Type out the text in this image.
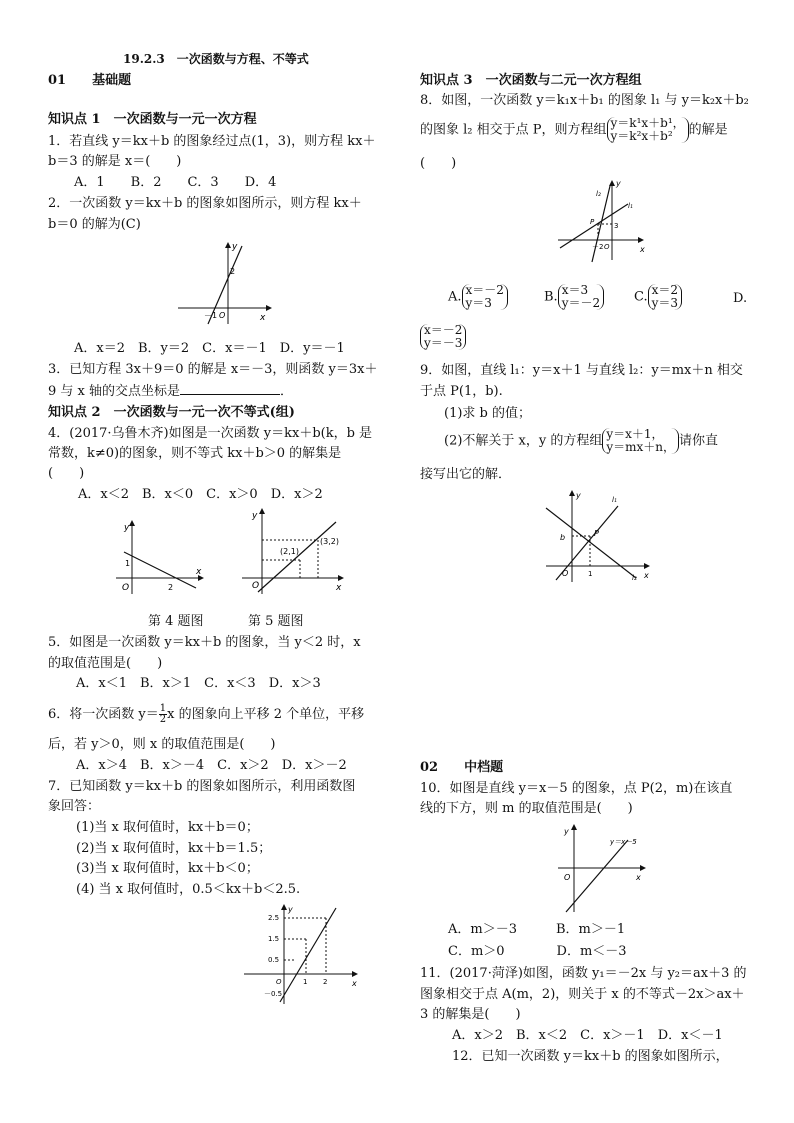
19.2.3　一次函数与方程、不等式
01　　基础题
知识点 1　一次函数与一元一次方程
1．若直线 y＝kx＋b 的图象经过点(1，3)，则方程 kx＋
b＝3 的解是 x＝(　　)
A．1　　B．2　　C．3　　D．4
2．一次函数 y＝kx＋b 的图象如图所示，则方程 kx＋
b＝0 的解为(C)
y
x
O
2
－1
A．x＝2　B．y＝2　C．x＝－1　D．y＝－1
3．已知方程 3x＋9＝0 的解是 x＝－3，则函数 y＝3x＋
9 与 x 轴的交点坐标是	．
知识点 2　一次函数与一元一次不等式(组)
4．(2017·乌鲁木齐)如图是一次函数 y＝kx＋b(k，b 是
常数，k≠0)的图象，则不等式 kx＋b＞0 的解集是
(　　)
A．x＜2　B．x＜0　C．x＞0　D．x＞2
y
x
O
1
2
y
x
O
(2,1)
(3,2)
第 4 题图	第 5 题图
5．如图是一次函数 y＝kx＋b 的图象，当 y＜2 时，x
的取值范围是(　　)
A．x＜1　B．x＞1　C．x＜3　D．x＞3
6．将一次函数 $y= \frac{1}{2}$ x 的图象向上平移 2 个单位，平移
后，若 y＞0，则 x 的取值范围是(　　)
A．x＞4　B．x＞－4　C．x＞2　D．x＞－2
7．已知函数 y＝kx＋b 的图象如图所示，利用函数图
象回答：
(1)当 x 取何值时，kx＋b＝0；
(2)当 x 取何值时，kx＋b＝1.5；
(3)当 x 取何值时，kx＋b＜0；
(4) 当 x 取何值时，0.5＜kx＋b＜2.5.
y
x
O
2.5
1.5
0.5
－0.5
1 2
知识点 3　一次函数与二元一次方程组
8．如图，一次函数 y＝k₁x＋b₁ 的图象 l₁ 与 y＝k₂x＋b₂
的图象 l₂ 相交于点 P，则方程组 y＝k¹x＋b¹，
y＝k²x＋b² 的解是
(　　)
y
x
O
l₂
l₁
P	3
－2
A. x＝－2
y＝3	B. x＝3
y＝－2	C. x＝2
y＝3	D.
x＝－2
y＝－3
9．如图，直线 l₁：y＝x＋1 与直线 l₂：y＝mx＋n 相交
于点 P(1，b).
(1)求 b 的值；
(2)不解关于 x，y 的方程组 y＝x＋1，
y＝mx＋n， 请你直
接写出它的解．
y
x
O
l₁
l₂
P
b
1
02　　中档题
10．如图是直线 y＝x－5 的图象，点 P(2，m)在该直
线的下方，则 m 的取值范围是(　　)
y
x
O
y＝x－5
A．m＞－3　　　B．m＞－1
C．m＞0　　　　D．m＜－3
11．(2017·菏泽)如图，函数 y₁＝－2x 与 y₂＝ax＋3 的
图象相交于点 A(m，2)，则关于 x 的不等式－2x＞ax＋
3 的解集是(　　)
A．x＞2　B．x＜2　C．x＞－1　D．x＜－1
12．已知一次函数 y＝kx＋b 的图象如图所示，
